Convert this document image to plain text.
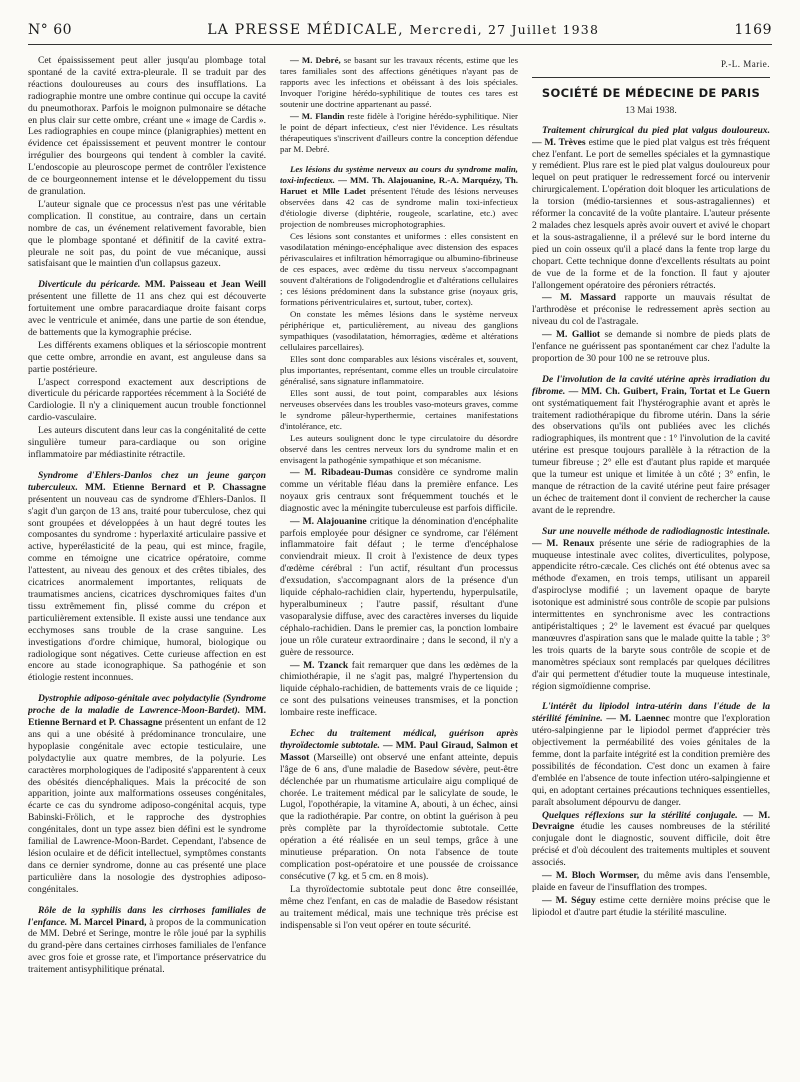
N° 60	LA PRESSE MÉDICALE, Mercredi, 27 Juillet 1938	1169

Cet épaississement peut aller jusqu'au plombage total spontané de la cavité extra-pleurale. Il se traduit par des réactions douloureuses au cours des insufflations. La radiographie montre une ombre continue qui occupe la cavité du pneumothorax. Parfois le moignon pulmonaire se détache en plus clair sur cette ombre, créant une « image de Cardis ». Les radiographies en coupe mince (planigraphies) mettent en évidence cet épaississement et peuvent montrer le contour irrégulier des bourgeons qui tendent à combler la cavité. L'endoscopie au pleuroscope permet de contrôler l'existence de ce bourgeonnement intense et le développement du tissu de granulation.

L'auteur signale que ce processus n'est pas une véritable complication. Il constitue, au contraire, dans un certain nombre de cas, un événement relativement favorable, bien que le plombage spontané et définitif de la cavité extra-pleurale ne soit pas, du point de vue mécanique, aussi satisfaisant que le maintien d'un collapsus gazeux.

Diverticule du péricarde. MM. Paisseau et Jean Weill présentent une fillette de 11 ans chez qui est découverte fortuitement une ombre paracardiaque droite faisant corps avec le ventricule et animée, dans une partie de son étendue, de battements que la kymographie précise.

Les différents examens obliques et la sérioscopie montrent que cette ombre, arrondie en avant, est anguleuse dans sa partie postérieure.

L'aspect correspond exactement aux descriptions de diverticule du péricarde rapportées récemment à la Société de Cardiologie. Il n'y a cliniquement aucun trouble fonctionnel cardio-vasculaire.

Les auteurs discutent dans leur cas la congénitalité de cette singulière tumeur para-cardiaque ou son origine inflammatoire par médiastinite rétractile.

Syndrome d'Ehlers-Danlos chez un jeune garçon tuberculeux. MM. Etienne Bernard et P. Chassagne présentent un nouveau cas de syndrome d'Ehlers-Danlos. Il s'agit d'un garçon de 13 ans, traité pour tuberculose, chez qui sont groupées et développées à un haut degré toutes les composantes du syndrome : hyperlaxité articulaire passive et active, hyperélasticité de la peau, qui est mince, fragile, comme en témoigne une cicatrice opératoire, comme l'attestent, au niveau des genoux et des crêtes tibiales, des cicatrices anormalement importantes, reliquats de traumatismes anciens, cicatrices dyschromiques faites d'un tissu extrêmement fin, plissé comme du crépon et particulièrement extensible. Il existe aussi une tendance aux ecchymoses sans trouble de la crase sanguine. Les investigations d'ordre chimique, humoral, biologique ou radiologique sont négatives. Cette curieuse affection en est encore au stade iconographique. Sa pathogénie et son étiologie restent inconnues.

Dystrophie adiposo-génitale avec polydactylie (Syndrome proche de la maladie de Lawrence-Moon-Bardet). MM. Etienne Bernard et P. Chassagne présentent un enfant de 12 ans qui a une obésité à prédominance tronculaire, une hypoplasie congénitale avec ectopie testiculaire, une polydactylie aux quatre membres, de la polyurie. Les caractères morphologiques de l'adiposité s'apparentent à ceux des obésités diencéphaliques. Mais la précocité de son apparition, jointe aux malformations osseuses congénitales, écarte ce cas du syndrome adiposo-congénital acquis, type Babinski-Frölich, et le rapproche des dystrophies congénitales, dont un type assez bien défini est le syndrome familial de Lawrence-Moon-Bardet. Cependant, l'absence de lésion oculaire et de déficit intellectuel, symptômes constants dans ce dernier syndrome, donne au cas présenté une place particulière dans la nosologie des dystrophies adiposo-congénitales.

Rôle de la syphilis dans les cirrhoses familiales de l'enfance. M. Marcel Pinard, à propos de la communication de MM. Debré et Seringe, montre le rôle joué par la syphilis du grand-père dans certaines cirrhoses familiales de l'enfance avec gros foie et grosse rate, et l'importance préservatrice du traitement antisyphilitique prénatal.

— M. Debré, se basant sur les travaux récents, estime que les tares familiales sont des affections génétiques n'ayant pas de rapports avec les infections et obéissant à des lois spéciales. Invoquer l'origine hérédo-syphilitique de toutes ces tares est soutenir une doctrine appartenant au passé.

— M. Flandin reste fidèle à l'origine hérédo-syphilitique. Nier le point de départ infectieux, c'est nier l'évidence. Les résultats thérapeutiques s'inscrivent d'ailleurs contre la conception défendue par M. Debré.

Les lésions du système nerveux au cours du syndrome malin, toxi-infectieux. — MM. Th. Alajouanine, R.-A. Marquézy, Th. Haruet et Mlle Ladet présentent l'étude des lésions nerveuses observées dans 42 cas de syndrome malin toxi-infectieux d'étiologie diverse (diphtérie, rougeole, scarlatine, etc.) avec projection de nombreuses microphotographies.

Ces lésions sont constantes et uniformes : elles consistent en vasodilatation méningo-encéphalique avec distension des espaces périvasculaires et infiltration hémorragique ou albumino-fibrineuse de ces espaces, avec œdème du tissu nerveux s'accompagnant souvent d'altérations de l'oligodendroglie et d'altérations cellulaires ; ces lésions prédominent dans la substance grise (noyaux gris, formations périventriculaires et, surtout, tuber, cortex).

On constate les mêmes lésions dans le système nerveux périphérique et, particulièrement, au niveau des ganglions sympathiques (vasodilatation, hémorragies, œdème et altérations cellulaires parcellaires).

Elles sont donc comparables aux lésions viscérales et, souvent, plus importantes, représentant, comme elles un trouble circulatoire généralisé, sans signature inflammatoire.

Elles sont aussi, de tout point, comparables aux lésions nerveuses observées dans les troubles vaso-moteurs graves, comme le syndrome pâleur-hyperthermie, certaines manifestations d'intolérance, etc.

Les auteurs soulignent donc le type circulatoire du désordre observé dans les centres nerveux lors du syndrome malin et en envisagent la pathogénie sympathique et son mécanisme.

— M. Ribadeau-Dumas considère ce syndrome malin comme un véritable fléau dans la première enfance. Les noyaux gris centraux sont fréquemment touchés et le diagnostic avec la méningite tuberculeuse est parfois difficile.

— M. Alajouanine critique la dénomination d'encéphalite parfois employée pour désigner ce syndrome, car l'élément inflammatoire fait défaut ; le terme d'encéphalose conviendrait mieux. Il croit à l'existence de deux types d'œdème cérébral : l'un actif, résultant d'un processus d'exsudation, s'accompagnant alors de la présence d'un liquide céphalo-rachidien clair, hypertendu, hyperpulsatile, hyperalbumineux ; l'autre passif, résultant d'une vasoparalysie diffuse, avec des caractères inverses du liquide céphalo-rachidien. Dans le premier cas, la ponction lombaire joue un rôle curateur extraordinaire ; dans le second, il n'y a guère de ressource.

— M. Tzanck fait remarquer que dans les œdèmes de la chimiothérapie, il ne s'agit pas, malgré l'hypertension du liquide céphalo-rachidien, de battements vrais de ce liquide ; ce sont des pulsations veineuses transmises, et la ponction lombaire reste inefficace.

Echec du traitement médical, guérison après thyroïdectomie subtotale. — MM. Paul Giraud, Salmon et Massot (Marseille) ont observé une enfant atteinte, depuis l'âge de 6 ans, d'une maladie de Basedow sévère, peut-être déclenchée par un rhumatisme articulaire aigu compliqué de chorée. Le traitement médical par le salicylate de soude, le Lugol, l'opothérapie, la vitamine A, abouti, à un échec, ainsi que la radiothérapie. Par contre, on obtint la guérison à peu près complète par la thyroïdectomie subtotale. Cette opération a été réalisée en un seul temps, grâce à une minutieuse préparation. On nota l'absence de toute complication post-opératoire et une poussée de croissance consécutive (7 kg. et 5 cm. en 8 mois).

La thyroïdectomie subtotale peut donc être conseillée, même chez l'enfant, en cas de maladie de Basedow résistant au traitement médical, mais une technique très précise est indispensable si l'on veut opérer en toute sécurité.

P.-L. Marie.
SOCIÉTÉ DE MÉDECINE DE PARIS
13 Mai 1938.

Traitement chirurgical du pied plat valgus douloureux. — M. Trèves estime que le pied plat valgus est très fréquent chez l'enfant. Le port de semelles spéciales et la gymnastique y remédient. Plus rare est le pied plat valgus douloureux pour lequel on peut pratiquer le redressement forcé ou intervenir chirurgicalement. L'opération doit bloquer les articulations de la torsion (médio-tarsiennes et sous-astragaliennes) et réformer la concavité de la voûte plantaire. L'auteur présente 2 malades chez lesquels après avoir ouvert et avivé le chopart et la sous-astragalienne, il a prélevé sur le bord interne du pied un coin osseux qu'il a placé dans la fente trop large du chopart. Cette technique donne d'excellents résultats au point de vue de la forme et de la fonction. Il faut y ajouter l'allongement opératoire des péroniers rétractés.

— M. Massard rapporte un mauvais résultat de l'arthrodèse et préconise le redressement après section au niveau du col de l'astragale.

— M. Galliot se demande si nombre de pieds plats de l'enfance ne guérissent pas spontanément car chez l'adulte la proportion de 30 pour 100 ne se retrouve plus.

De l'involution de la cavité utérine après irradiation du fibrome. — MM. Ch. Guibert, Frain, Tortat et Le Guern ont systématiquement fait l'hystérographie avant et après le traitement radiothérapique du fibrome utérin. Dans la série des observations qu'ils ont publiées avec les clichés radiographiques, ils montrent que : 1° l'involution de la cavité utérine est presque toujours parallèle à la rétraction de la tumeur fibreuse ; 2° elle est d'autant plus rapide et marquée que la tumeur est unique et limitée à un côté ; 3° enfin, le manque de rétraction de la cavité utérine peut faire présager un échec de traitement dont il convient de rechercher la cause avant de le reprendre.

Sur une nouvelle méthode de radiodiagnostic intestinale. — M. Renaux présente une série de radiographies de la muqueuse intestinale avec colites, diverticulites, polypose, appendicite rétro-cæcale. Ces clichés ont été obtenus avec sa méthode d'examen, en trois temps, utilisant un appareil d'aspiroclyse modifié ; un lavement opaque de baryte isotonique est administré sous contrôle de scopie par pulsions intermittentes en synchronisme avec les contractions antipéristaltiques ; 2° le lavement est évacué par quelques manœuvres d'aspiration sans que le malade quitte la table ; 3° les trois quarts de la baryte sous contrôle de scopie et de manomètres spéciaux sont remplacés par quelques décilitres d'air qui permettent d'étudier toute la muqueuse intestinale, région sigmoïdienne comprise.

L'intérêt du lipiodol intra-utérin dans l'étude de la stérilité féminine. — M. Laennec montre que l'exploration utéro-salpingienne par le lipiodol permet d'apprécier très objectivement la perméabilité des voies génitales de la femme, dont la parfaite intégrité est la condition première des possibilités de fécondation. C'est donc un examen à faire d'emblée en l'absence de toute infection utéro-salpingienne et qui, en adoptant certaines précautions techniques essentielles, paraît absolument dépourvu de danger.

Quelques réflexions sur la stérilité conjugale. — M. Devraigne étudie les causes nombreuses de la stérilité conjugale dont le diagnostic, souvent difficile, doit être précisé et d'où découlent des traitements multiples et souvent associés.

— M. Bloch Wormser, du même avis dans l'ensemble, plaide en faveur de l'insufflation des trompes.

— M. Séguy estime cette dernière moins précise que le lipiodol et d'autre part étudie la stérilité masculine.
